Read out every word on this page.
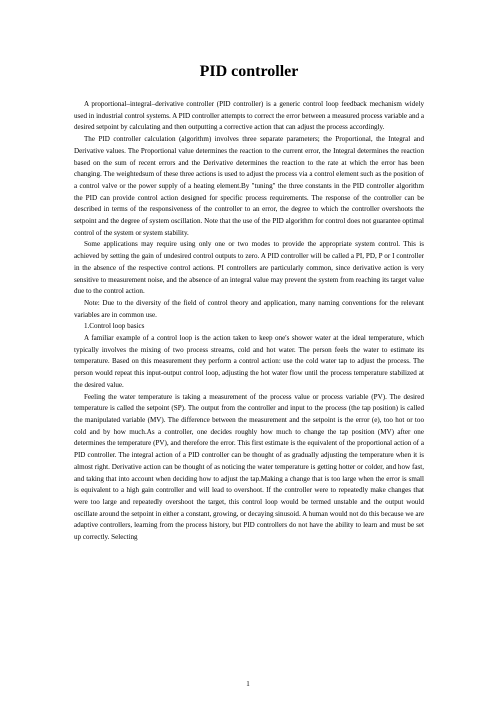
PID controller

A proportional–integral–derivative controller (PID controller) is a generic control loop feedback mechanism widely used in industrial control systems. A PID controller attempts to correct the error between a measured process variable and a desired setpoint by calculating and then outputting a corrective action that can adjust the process accordingly.

The PID controller calculation (algorithm) involves three separate parameters; the Proportional, the Integral and Derivative values. The Proportional value determines the reaction to the current error, the Integral determines the reaction based on the sum of recent errors and the Derivative determines the reaction to the rate at which the error has been changing. The weightedsum of these three actions is used to adjust the process via a control element such as the position of a control valve or the power supply of a heating element.By "tuning" the three constants in the PID controller algorithm the PID can provide control action designed for specific process requirements. The response of the controller can be described in terms of the responsiveness of the controller to an error, the degree to which the controller overshoots the setpoint and the degree of system oscillation. Note that the use of the PID algorithm for control does not guarantee optimal control of the system or system stability.

Some applications may require using only one or two modes to provide the appropriate system control. This is achieved by setting the gain of undesired control outputs to zero. A PID controller will be called a PI, PD, P or I controller in the absence of the respective control actions. PI controllers are particularly common, since derivative action is very sensitive to measurement noise, and the absence of an integral value may prevent the system from reaching its target value due to the control action.

Note: Due to the diversity of the field of control theory and application, many naming conventions for the relevant variables are in common use.

1.Control loop basics

A familiar example of a control loop is the action taken to keep one's shower water at the ideal temperature, which typically involves the mixing of two process streams, cold and hot water. The person feels the water to estimate its temperature. Based on this measurement they perform a control action: use the cold water tap to adjust the process. The person would repeat this input-output control loop, adjusting the hot water flow until the process temperature stabilized at the desired value.

Feeling the water temperature is taking a measurement of the process value or process variable (PV). The desired temperature is called the setpoint (SP). The output from the controller and input to the process (the tap position) is called the manipulated variable (MV). The difference between the measurement and the setpoint is the error (e), too hot or too cold and by how much.As a controller, one decides roughly how much to change the tap position (MV) after one determines the temperature (PV), and therefore the error. This first estimate is the equivalent of the proportional action of a PID controller. The integral action of a PID controller can be thought of as gradually adjusting the temperature when it is almost right. Derivative action can be thought of as noticing the water temperature is getting hotter or colder, and how fast, and taking that into account when deciding how to adjust the tap.Making a change that is too large when the error is small is equivalent to a high gain controller and will lead to overshoot. If the controller were to repeatedly make changes that were too large and repeatedly overshoot the target, this control loop would be termed unstable and the output would oscillate around the setpoint in either a constant, growing, or decaying sinusoid. A human would not do this because we are adaptive controllers, learning from the process history, but PID controllers do not have the ability to learn and must be set up correctly. Selecting

1
